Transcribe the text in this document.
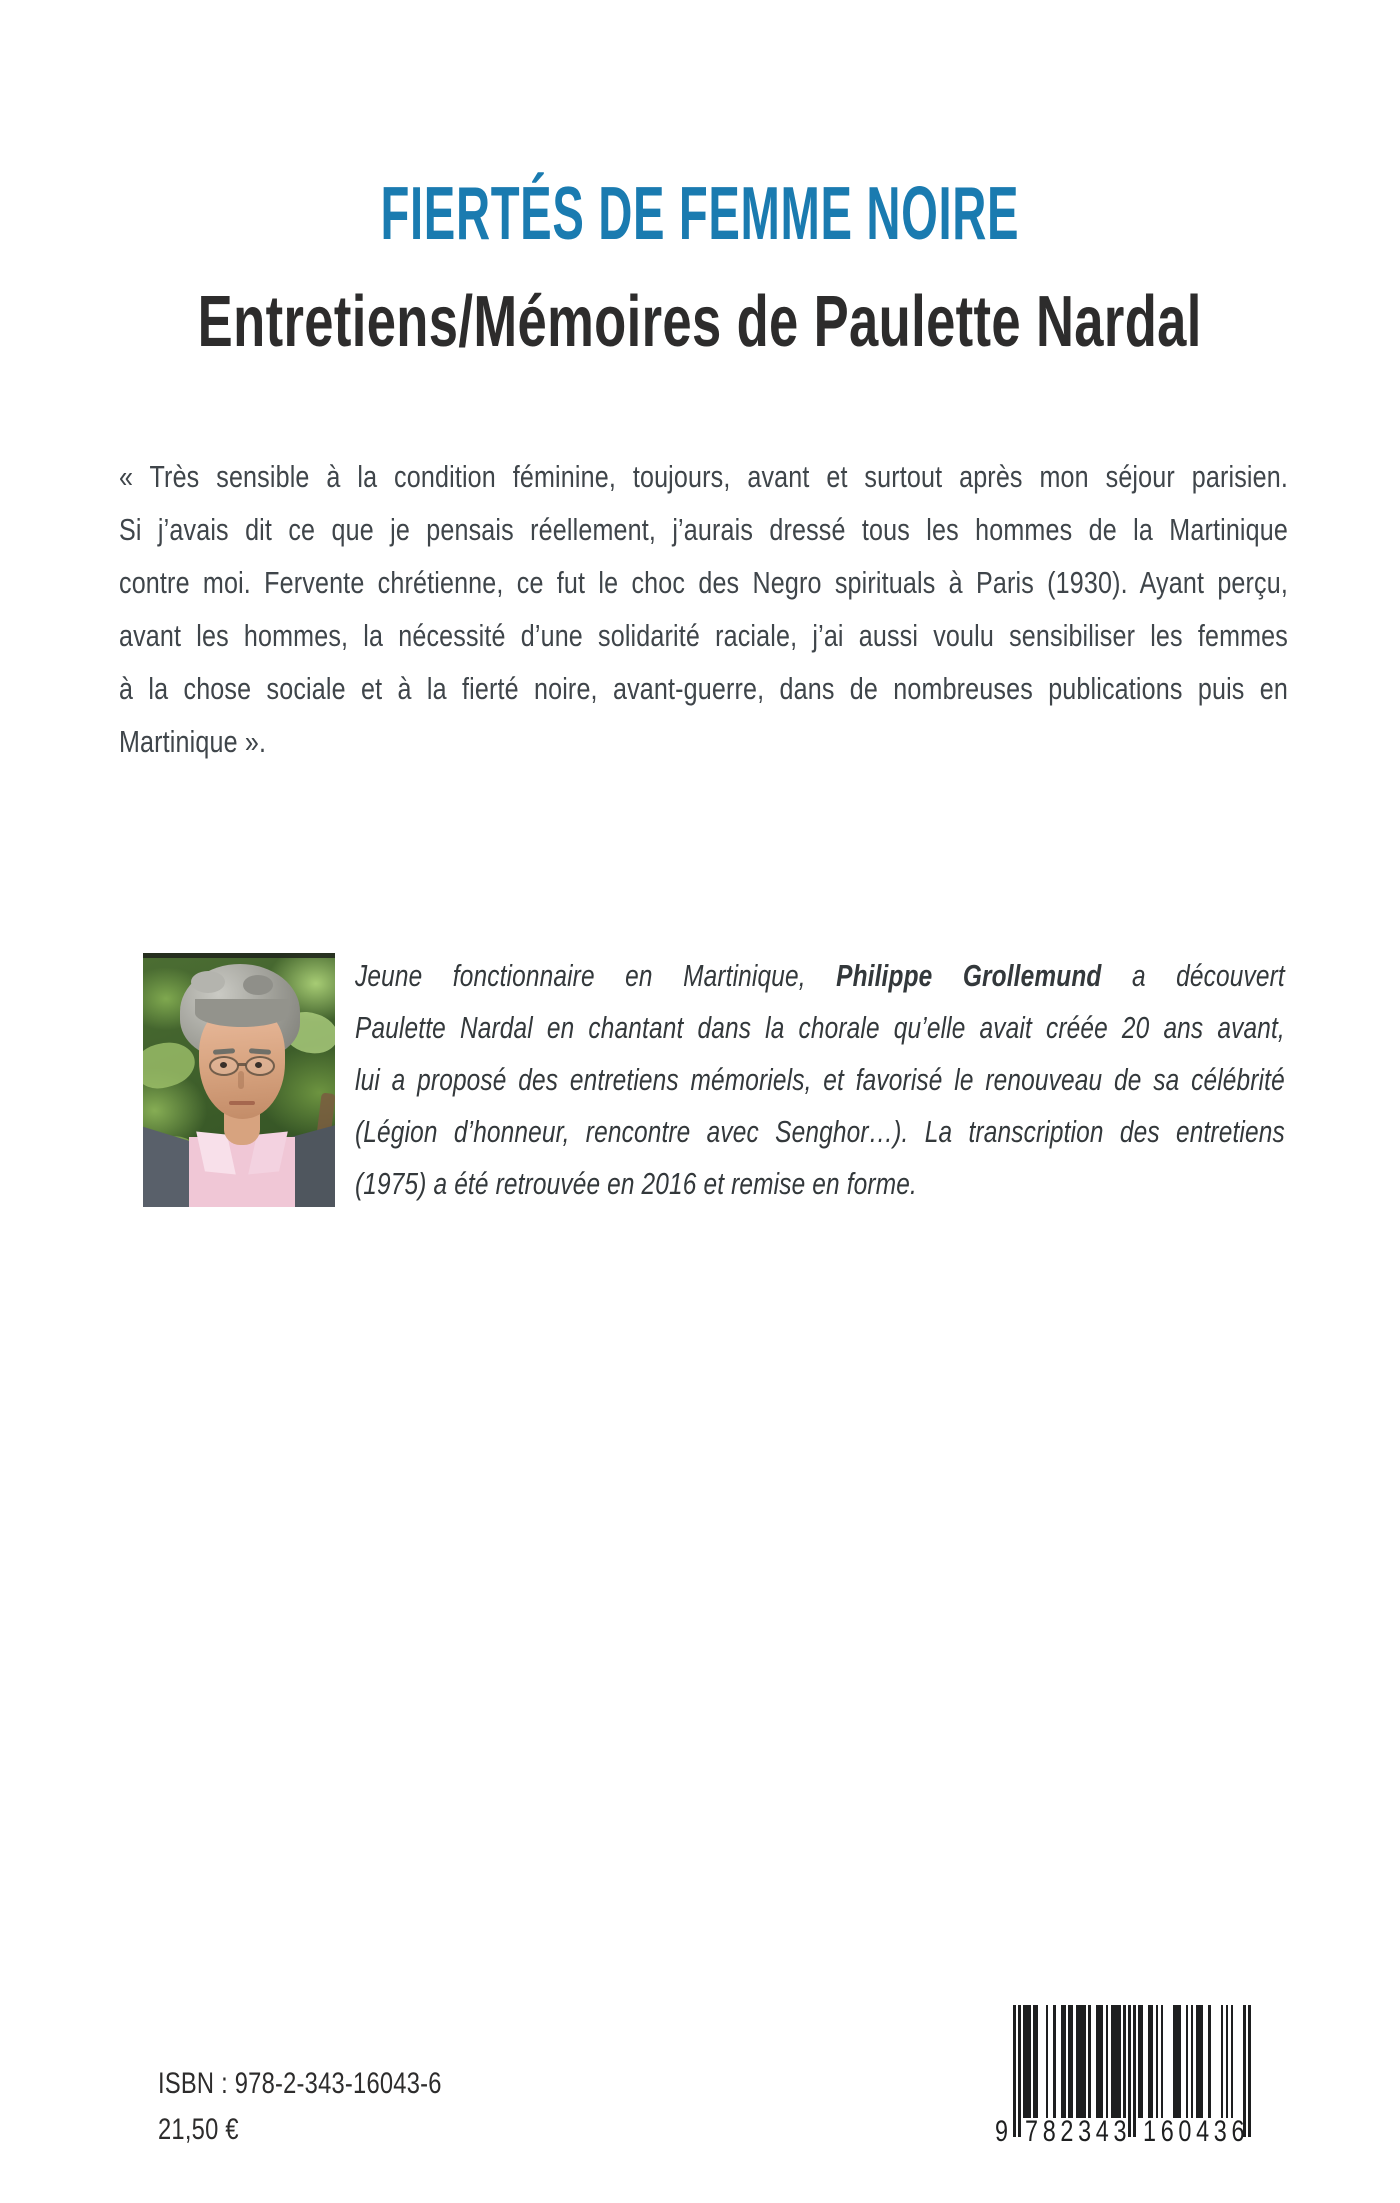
FIERTÉS DE FEMME NOIRE
Entretiens/Mémoires de Paulette Nardal
« Très sensible à la condition féminine, toujours, avant et surtout après mon séjour parisien.
Si j’avais dit ce que je pensais réellement, j’aurais dressé tous les hommes de la Martinique
contre moi. Fervente chrétienne, ce fut le choc des Negro spirituals à Paris (1930). Ayant perçu,
avant les hommes, la nécessité d’une solidarité raciale, j’ai aussi voulu sensibiliser les femmes
à la chose sociale et à la fierté noire, avant-guerre, dans de nombreuses publications puis en
Martinique ».
Jeune fonctionnaire en Martinique, Philippe Grollemund a découvert
Paulette Nardal en chantant dans la chorale qu’elle avait créée 20 ans avant,
lui a proposé des entretiens mémoriels, et favorisé le renouveau de sa célébrité
(Légion d’honneur, rencontre avec Senghor…). La transcription des entretiens
(1975) a été retrouvée en 2016 et remise en forme.
ISBN : 978-2-343-16043-6
21,50 €	9 782343 160436
